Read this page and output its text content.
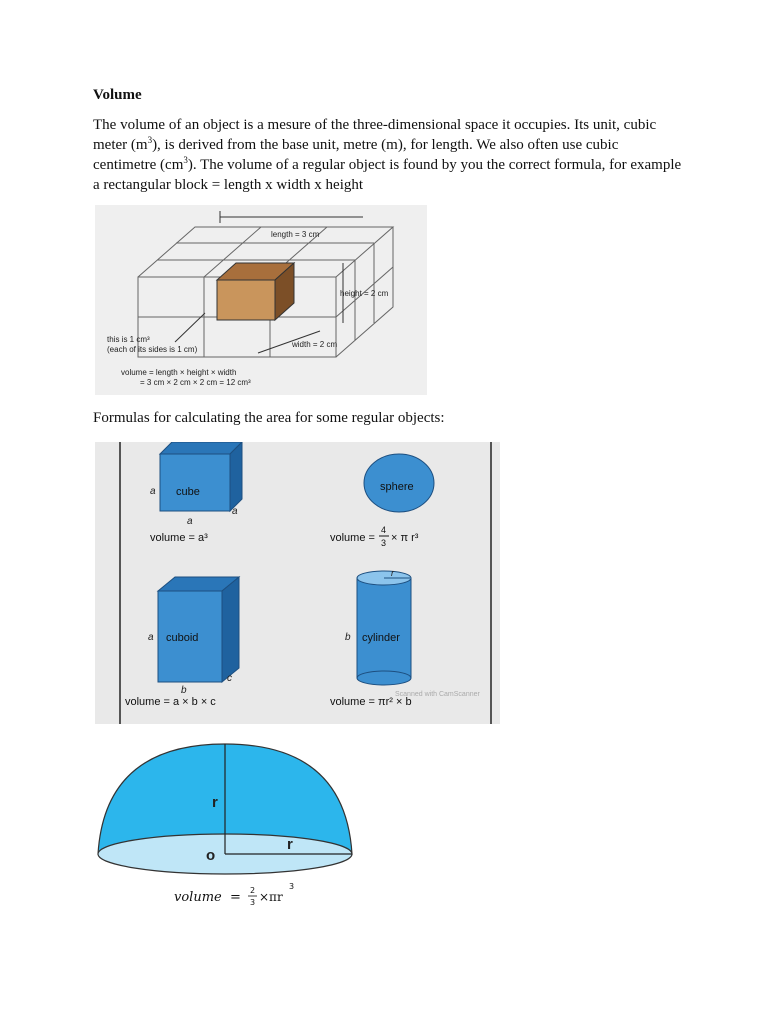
Volume
The volume of an object is a mesure of the three-dimensional space it occupies. Its unit, cubic meter $(m^3)$, is derived from the base unit, metre (m), for length. We also often use cubic centimetre $(cm^3)$. The volume of a regular object is found by you the correct formula, for example a rectangular block = length x width x height
length = 3 cm
height = 2 cm
width = 2 cm
this is 1 cm³
(each of its sides is 1 cm)
volume = length × height × width
= 3 cm × 2 cm × 2 cm = 12 cm³
Formulas for calculating the area for some regular objects:
cube
a
a
a
volume = a³
sphere
volume =
4
3 × π r³
cuboid
a
b
c
volume = a × b × c
r
b cylinder
volume = πr² × b
Scanned with CamScanner
r
r
o
volume = 2
3 ×πr
3
